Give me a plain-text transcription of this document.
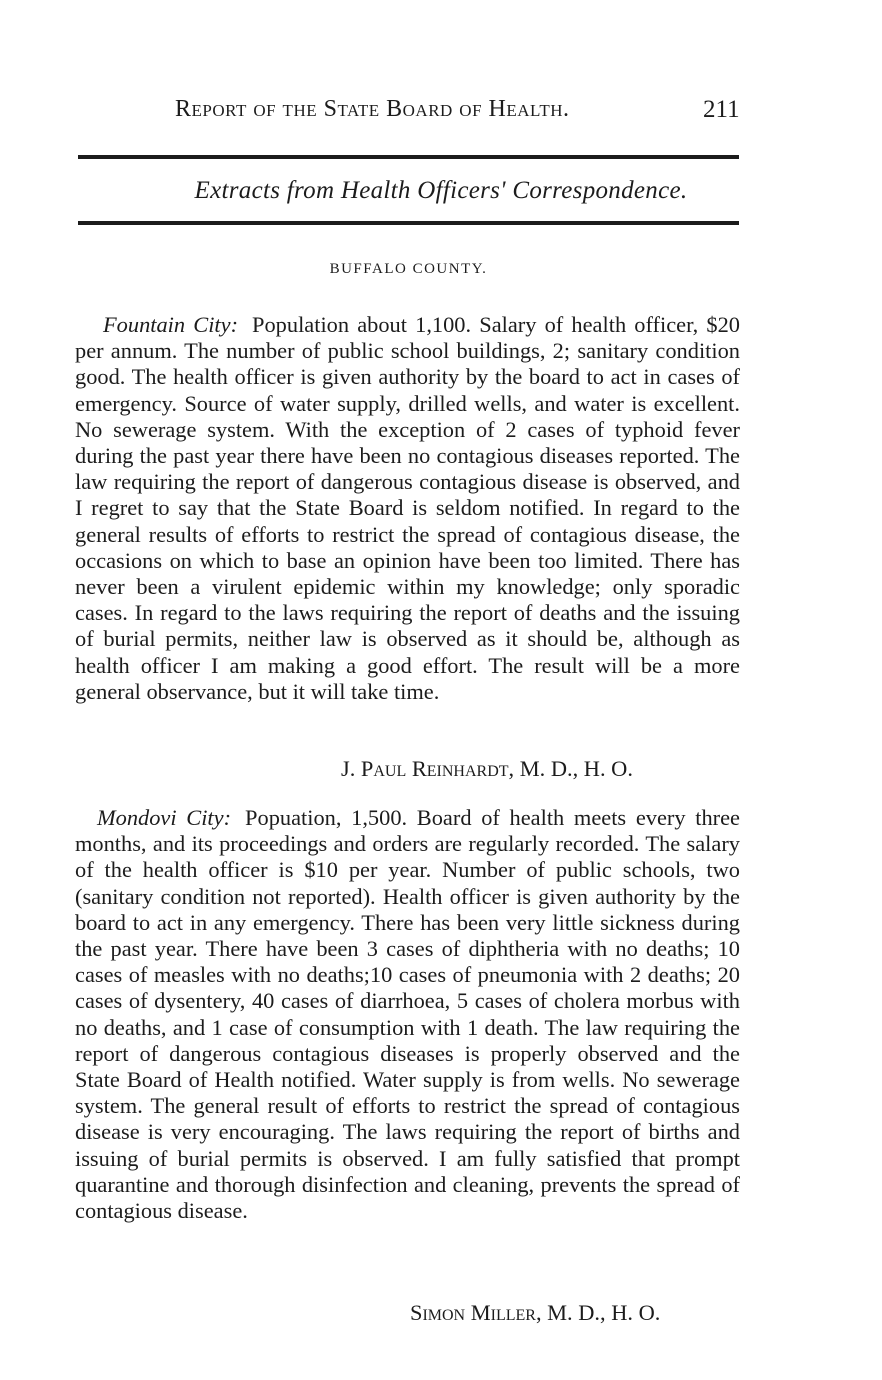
Report of the State Board of Health.	211
Extracts from Health Officers' Correspondence.
BUFFALO COUNTY.
Fountain City: Population about 1,100. Salary of health officer, $20 per annum. The number of public school buildings, 2; sanitary condition good. The health officer is given authority by the board to act in cases of emergency. Source of water supply, drilled wells, and water is excellent. No sewerage system. With the exception of 2 cases of typhoid fever during the past year there have been no contagious diseases reported. The law requiring the report of dangerous contagious disease is observed, and I regret to say that the State Board is seldom notified. In regard to the general results of efforts to restrict the spread of contagious disease, the occasions on which to base an opinion have been too limited. There has never been a virulent epidemic within my knowledge; only sporadic cases. In regard to the laws requiring the report of deaths and the issuing of burial permits, neither law is observed as it should be, although as health officer I am making a good effort. The result will be a more general observance, but it will take time.
J. Paul Reinhardt, M. D., H. O.
Mondovi City: Popuation, 1,500. Board of health meets every three months, and its proceedings and orders are regularly recorded. The salary of the health officer is $10 per year. Number of public schools, two (sanitary condition not reported). Health officer is given authority by the board to act in any emergency. There has been very little sickness during the past year. There have been 3 cases of diphtheria with no deaths; 10 cases of measles with no deaths;10 cases of pneumonia with 2 deaths; 20 cases of dysentery, 40 cases of diarrhoea, 5 cases of cholera morbus with no deaths, and 1 case of consumption with 1 death. The law requiring the report of dangerous contagious diseases is properly observed and the State Board of Health notified. Water supply is from wells. No sewerage system. The general result of efforts to restrict the spread of contagious disease is very encouraging. The laws requiring the report of births and issuing of burial permits is observed. I am fully satisfied that prompt quarantine and thorough disinfection and cleaning, prevents the spread of contagious disease.
Simon Miller, M. D., H. O.
